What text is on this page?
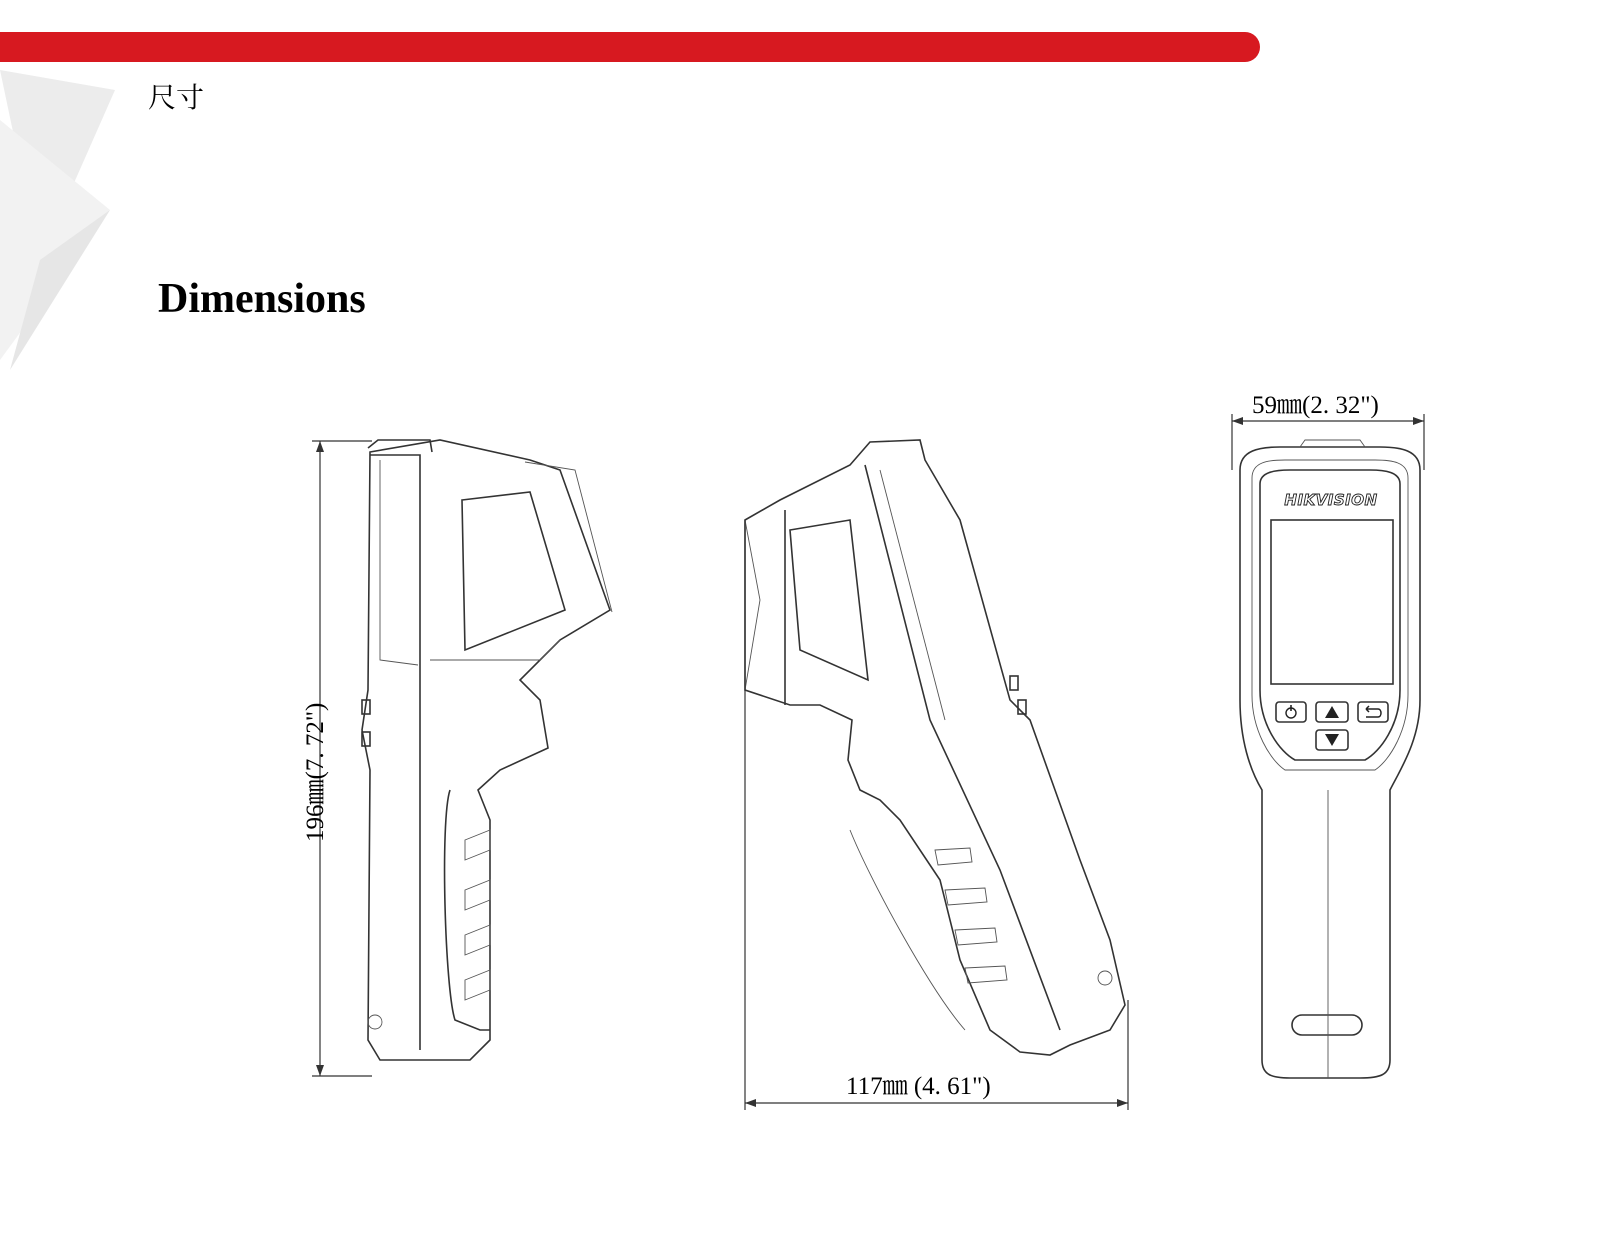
尺寸
Dimensions
196㎜(7. 72")
117㎜ (4. 61")
HIKVISION
59㎜(2. 32")
